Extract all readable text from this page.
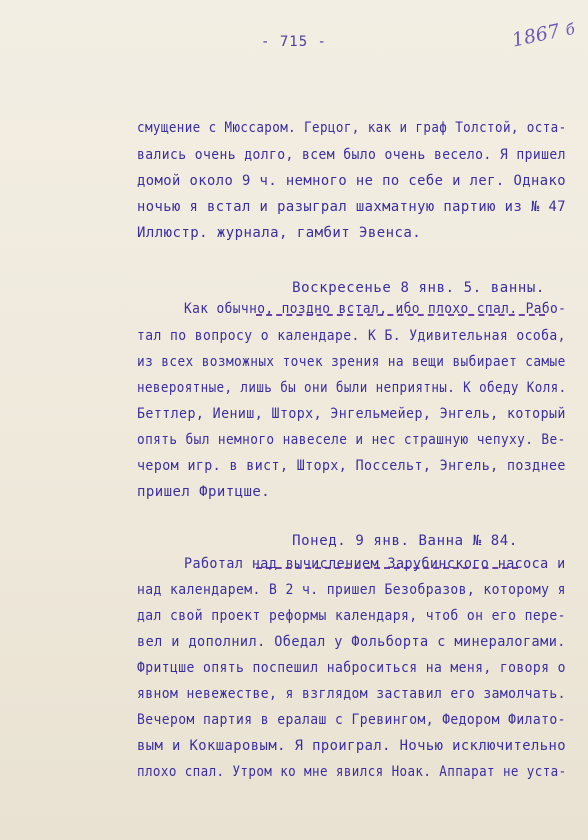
- 715 -	1867 б
смущение с Мюссаром. Герцог, как и граф Толстой, оста-
вались очень долго, всем было очень весело. Я пришел
домой около 9 ч. немного не по себе и лег. Однако
ночью я встал и разыграл шахматную партию из № 47
Иллюстр. журнала, гамбит Эвенса.

Воскресенье 8 янв. 5. ванны.

Как обычно, поздно встал, ибо плохо спал. Рабо-
тал по вопросу о календаре. К Б. Удивительная особа,
из всех возможных точек зрения на вещи выбирает самые
невероятные, лишь бы они были неприятны. К обеду Коля.
Беттлер, Иениш, Шторх, Энгельмейер, Энгель, который
опять был немного навеселе и нес страшную чепуху. Ве-
чером игр. в вист, Шторх, Поссельт, Энгель, позднее
пришел Фритцше.

Понед. 9 янв. Ванна № 84.

Работал над вычислением Зарубинского насоса и
над календарем. В 2 ч. пришел Безобразов, которому я
дал свой проект реформы календаря, чтоб он его пере-
вел и дополнил. Обедал у Фольборта с минералогами.
Фритцше опять поспешил наброситься на меня, говоря о
явном невежестве, я взглядом заставил его замолчать.
Вечером партия в ералаш с Гревингом, Федором Филато-
вым и Кокшаровым. Я проиграл. Ночью исключительно
плохо спал. Утром ко мне явился Ноак. Аппарат не уста-
